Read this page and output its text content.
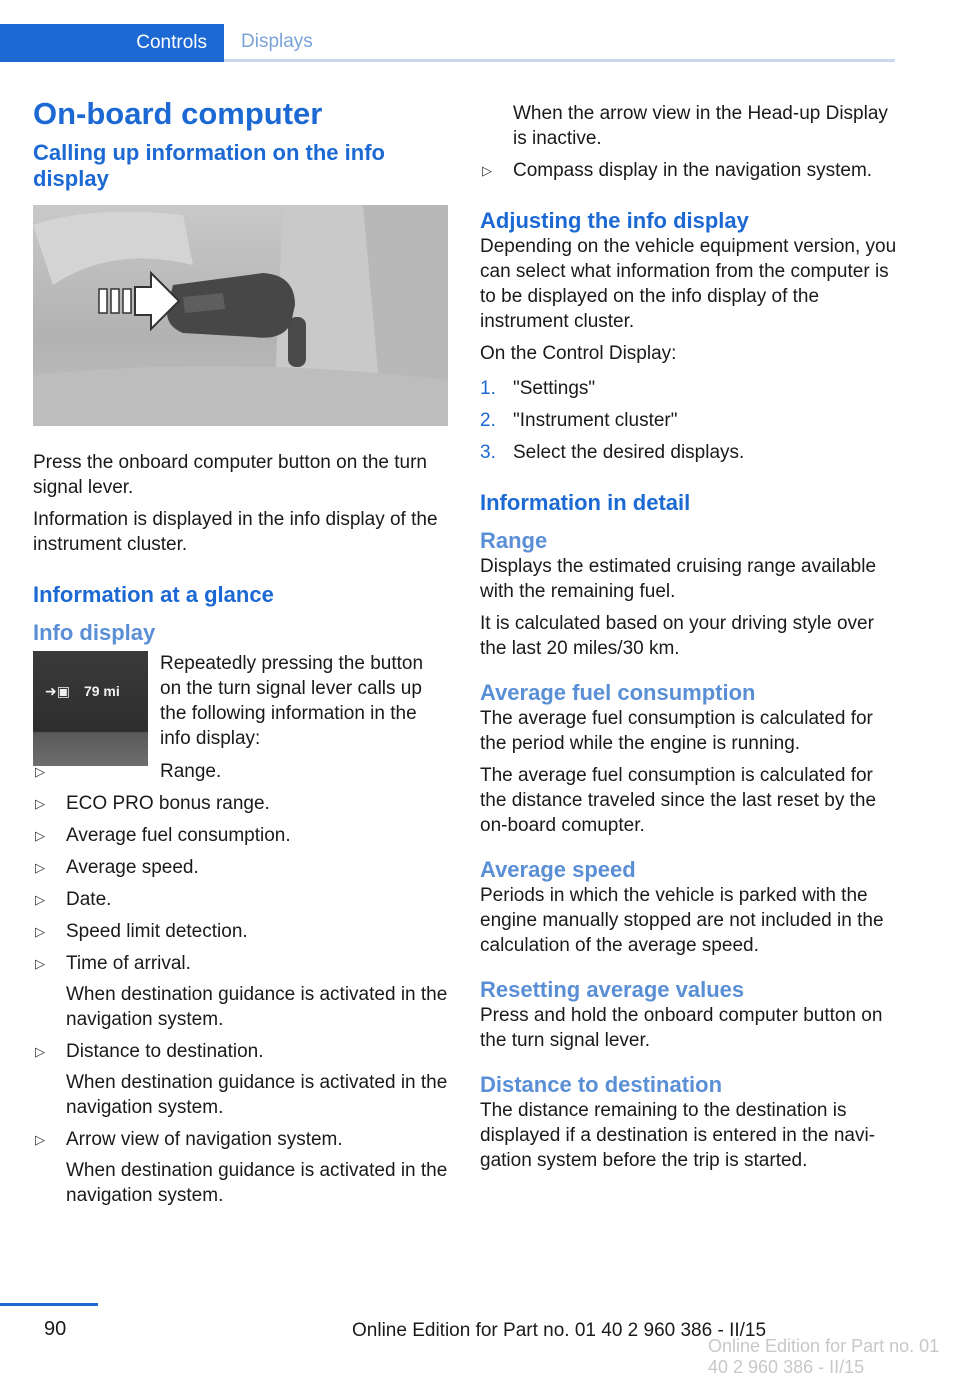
Controls	Displays
On-board computer
Calling up information on the info display

Press the onboard computer button on the turn signal lever.

Information is displayed in the info display of the instrument cluster.

Information at a glance
Info display
➜▣ 79 mi

Repeatedly pressing the button on the turn signal lever calls up the following information in the info display:

▷ Range.
▷ ECO PRO bonus range.
▷ Average fuel consumption.
▷ Average speed.
▷ Date.
▷ Speed limit detection.
▷ Time of arrival.
When destination guidance is activated in the navigation system.
▷ Distance to destination.
When destination guidance is activated in the navigation system.
▷ Arrow view of navigation system.
When destination guidance is activated in the navigation system.

When the arrow view in the Head-up Display is inactive.

▷ Compass display in the navigation system.
Adjusting the info display

Depending on the vehicle equipment version, you can select what information from the computer is to be displayed on the info display of the instrument cluster.

On the Control Display:

1. "Settings"
2. "Instrument cluster"
3. Select the desired displays.
Information in detail
Range

Displays the estimated cruising range available with the remaining fuel.

It is calculated based on your driving style over the last 20 miles/30 km.

Average fuel consumption

The average fuel consumption is calculated for the period while the engine is running.

The average fuel consumption is calculated for the distance traveled since the last reset by the on-board comupter.

Average speed

Periods in which the vehicle is parked with the engine manually stopped are not included in the calculation of the average speed.

Resetting average values

Press and hold the onboard computer button on the turn signal lever.

Distance to destination

The distance remaining to the destination is displayed if a destination is entered in the navigation system before the trip is started.

90	Online Edition for Part no. 01 40 2 960 386 - II/15
Online Edition for Part no. 01 40 2 960 386 - II/15
